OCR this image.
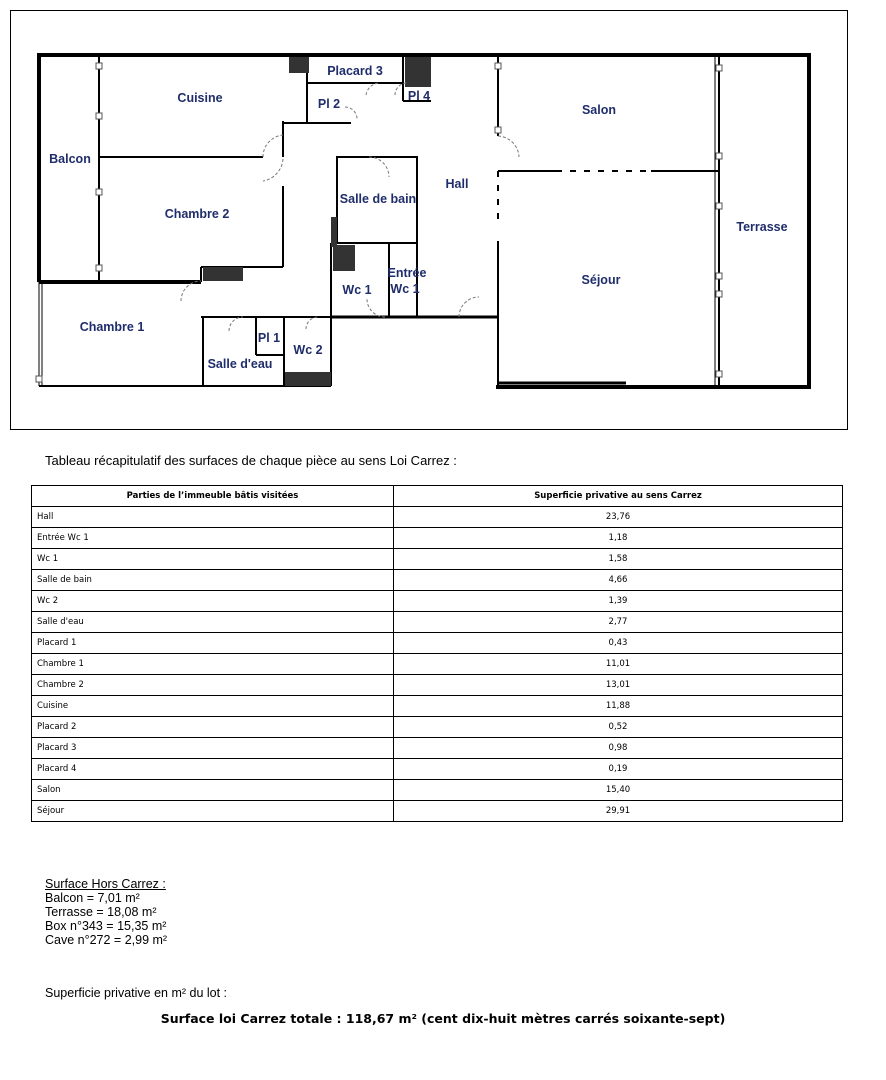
Cuisine
Placard 3
Pl 2
Pl 4
Salon
Balcon
Hall
Salle de bain
Chambre 2
Terrasse
Entrée
Wc 1
Wc 1
Séjour
Chambre 1
Pl 1
Wc 2
Salle d'eau
Tableau récapitulatif des surfaces de chaque pièce au sens Loi Carrez :
Parties de l’immeuble bâtis visitées	Superficie privative au sens Carrez
Hall	23,76
Entrée Wc 1	1,18
Wc 1	1,58
Salle de bain	4,66
Wc 2	1,39
Salle d'eau	2,77
Placard 1	0,43
Chambre 1	11,01
Chambre 2	13,01
Cuisine	11,88
Placard 2	0,52
Placard 3	0,98
Placard 4	0,19
Salon	15,40
Séjour	29,91
Surface Hors Carrez :
Balcon = 7,01 m²
Terrasse = 18,08 m²
Box n°343 = 15,35 m²
Cave n°272 = 2,99 m²
Superficie privative en m² du lot :
Surface loi Carrez totale : 118,67 m² (cent dix-huit mètres carrés soixante-sept)
